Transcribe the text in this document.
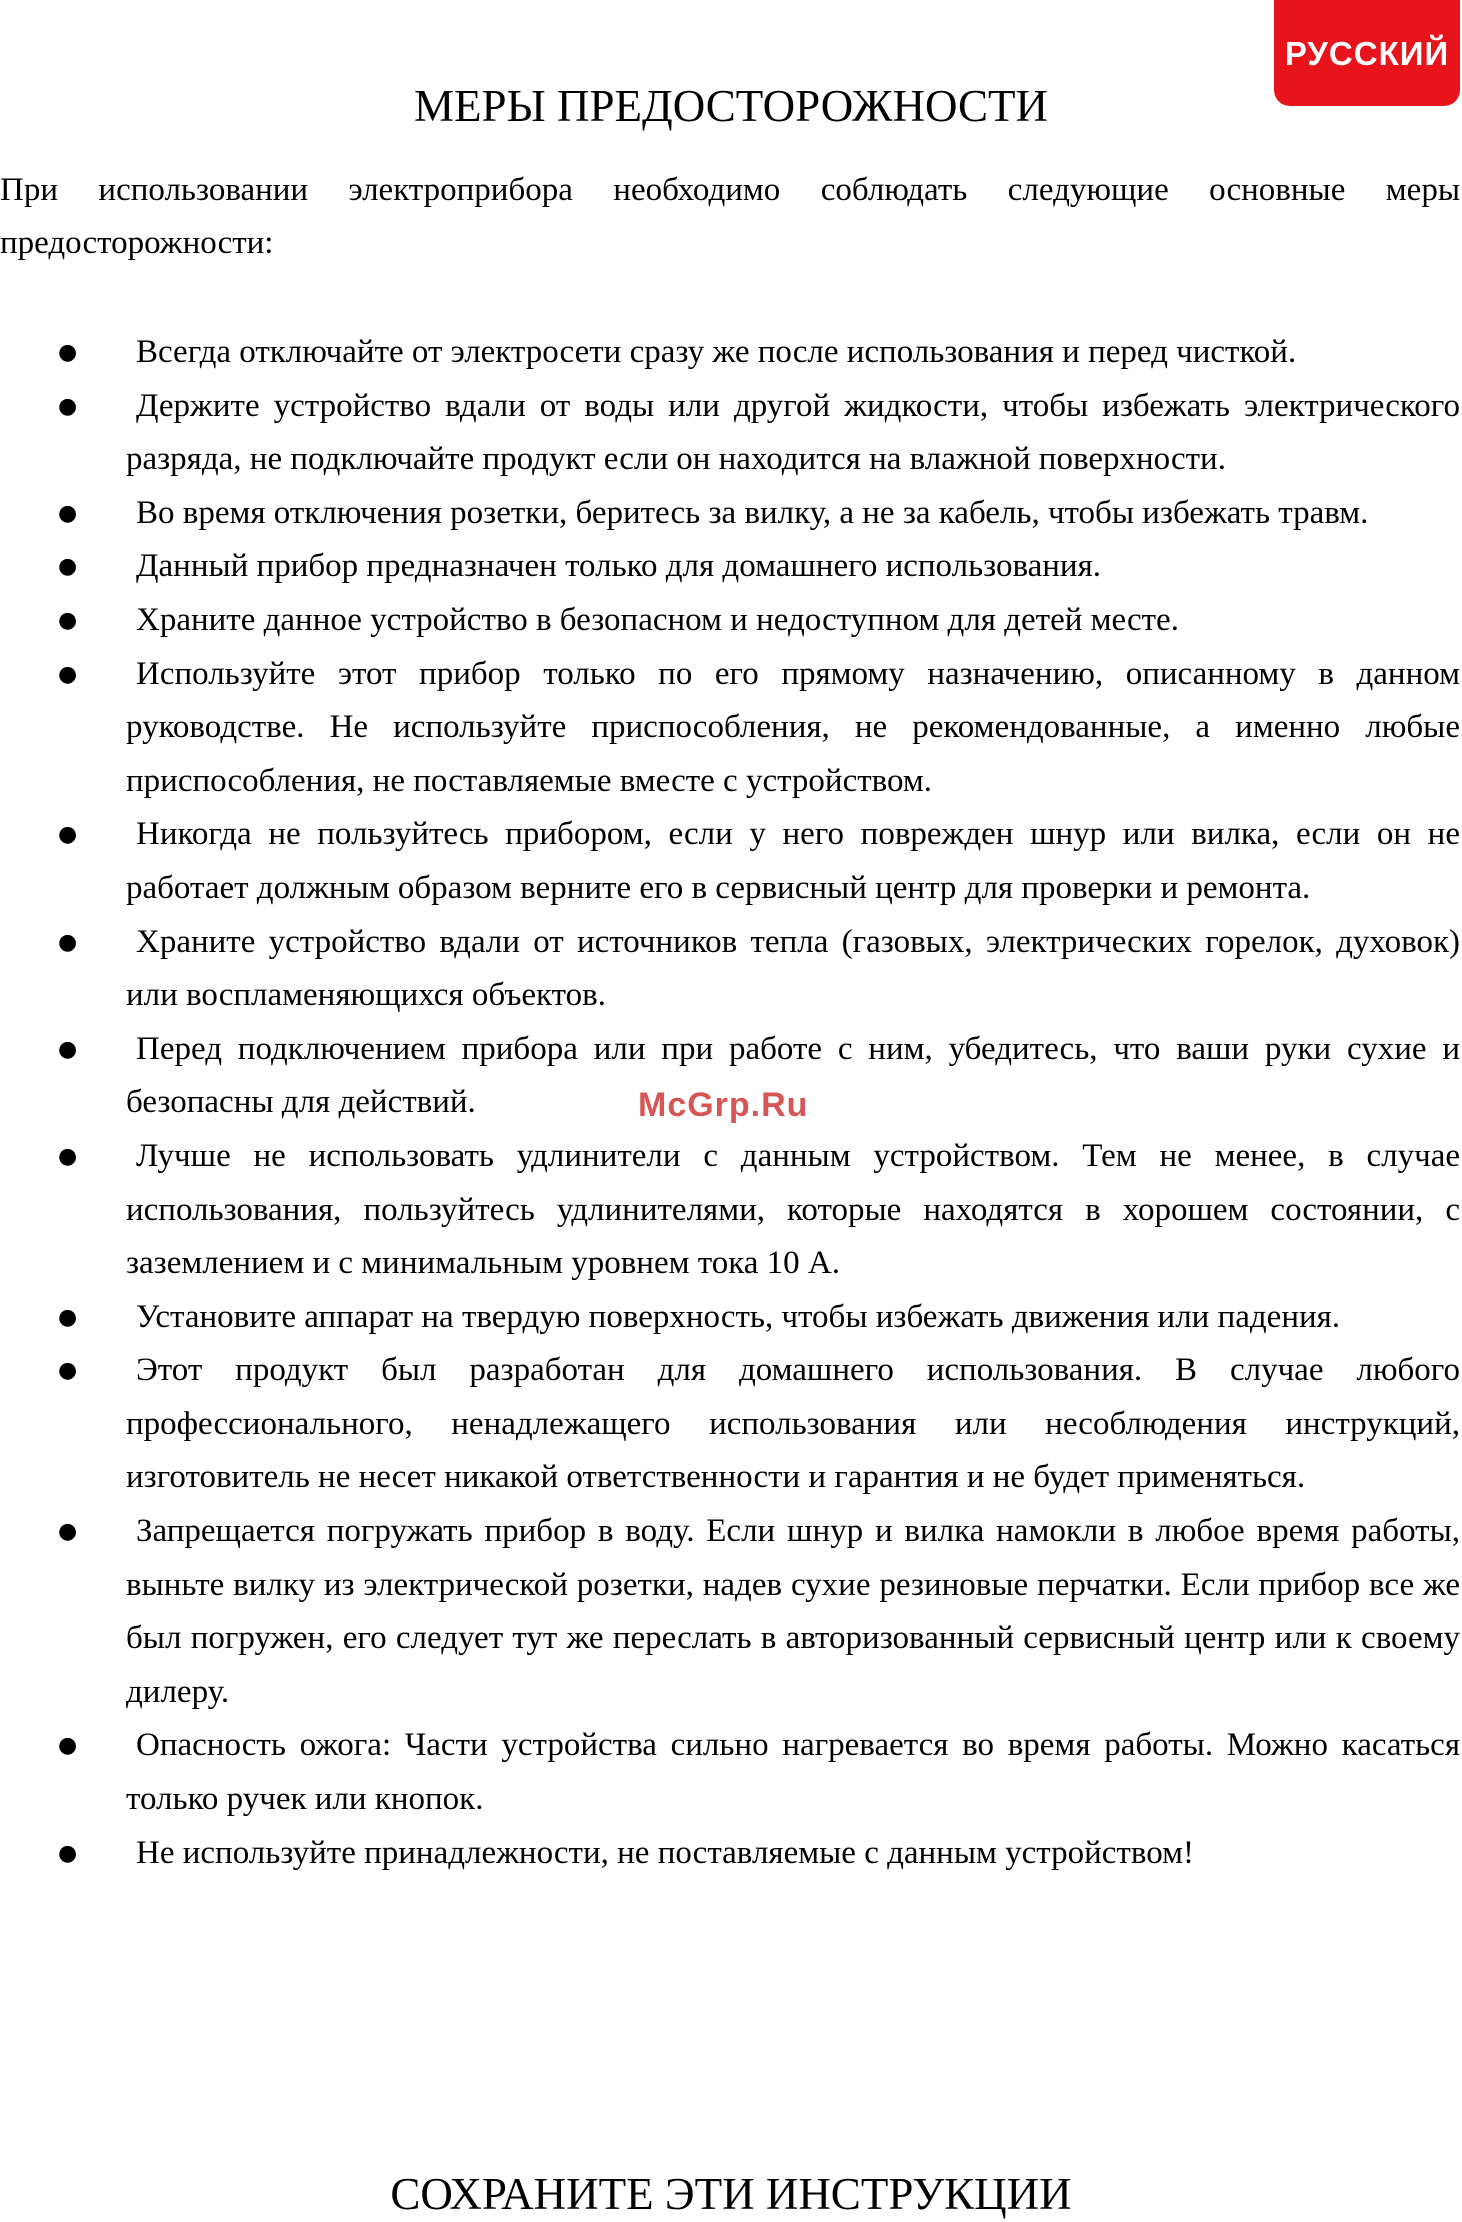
РУССКИЙ
МЕРЫ ПРЕДОСТОРОЖНОСТИ

При использовании электроприбора необходимо соблюдать следующие основные меры предосторожности:

●	Всегда отключайте от электросети сразу же после использования и перед чисткой.
●	Держите устройство вдали от воды или другой жидкости, чтобы избежать электрического разряда, не подключайте продукт если он находится на влажной поверхности.
●	Во время отключения розетки, беритесь за вилку, а не за кабель, чтобы избежать травм.
●	Данный прибор предназначен только для домашнего использования.
●	Храните данное устройство в безопасном и недоступном для детей месте.
●	Используйте этот прибор только по его прямому назначению, описанному в данном руководстве. Не используйте приспособления, не рекомендованные, а именно любые приспособления, не поставляемые вместе с устройством.
●	Никогда не пользуйтесь прибором, если у него поврежден шнур или вилка, если он не работает должным образом верните его в сервисный центр для проверки и ремонта.
●	Храните устройство вдали от источников тепла (газовых, электрических горелок, духовок) или воспламеняющихся объектов.
●	Перед подключением прибора или при работе с ним, убедитесь, что ваши руки сухие и безопасны для действий.
●	Лучше не использовать удлинители с данным устройством. Тем не менее, в случае использования, пользуйтесь удлинителями, которые находятся в хорошем состоянии, с заземлением и с минимальным уровнем тока 10 А.
●	Установите аппарат на твердую поверхность, чтобы избежать движения или падения.
●	Этот продукт был разработан для домашнего использования. В случае любого профессионального, ненадлежащего использования или несоблюдения инструкций, изготовитель не несет никакой ответственности и гарантия и не будет применяться.
●	Запрещается погружать прибор в воду. Если шнур и вилка намокли в любое время работы, выньте вилку из электрической розетки, надев сухие резиновые перчатки. Если прибор все же был погружен, его следует тут же переслать в авторизованный сервисный центр или к своему дилеру.
●	Опасность ожога: Части устройства сильно нагревается во время работы. Можно касаться только ручек или кнопок.
●	Не используйте принадлежности, не поставляемые с данным устройством!
McGrp.Ru
СОХРАНИТЕ ЭТИ ИНСТРУКЦИИ
